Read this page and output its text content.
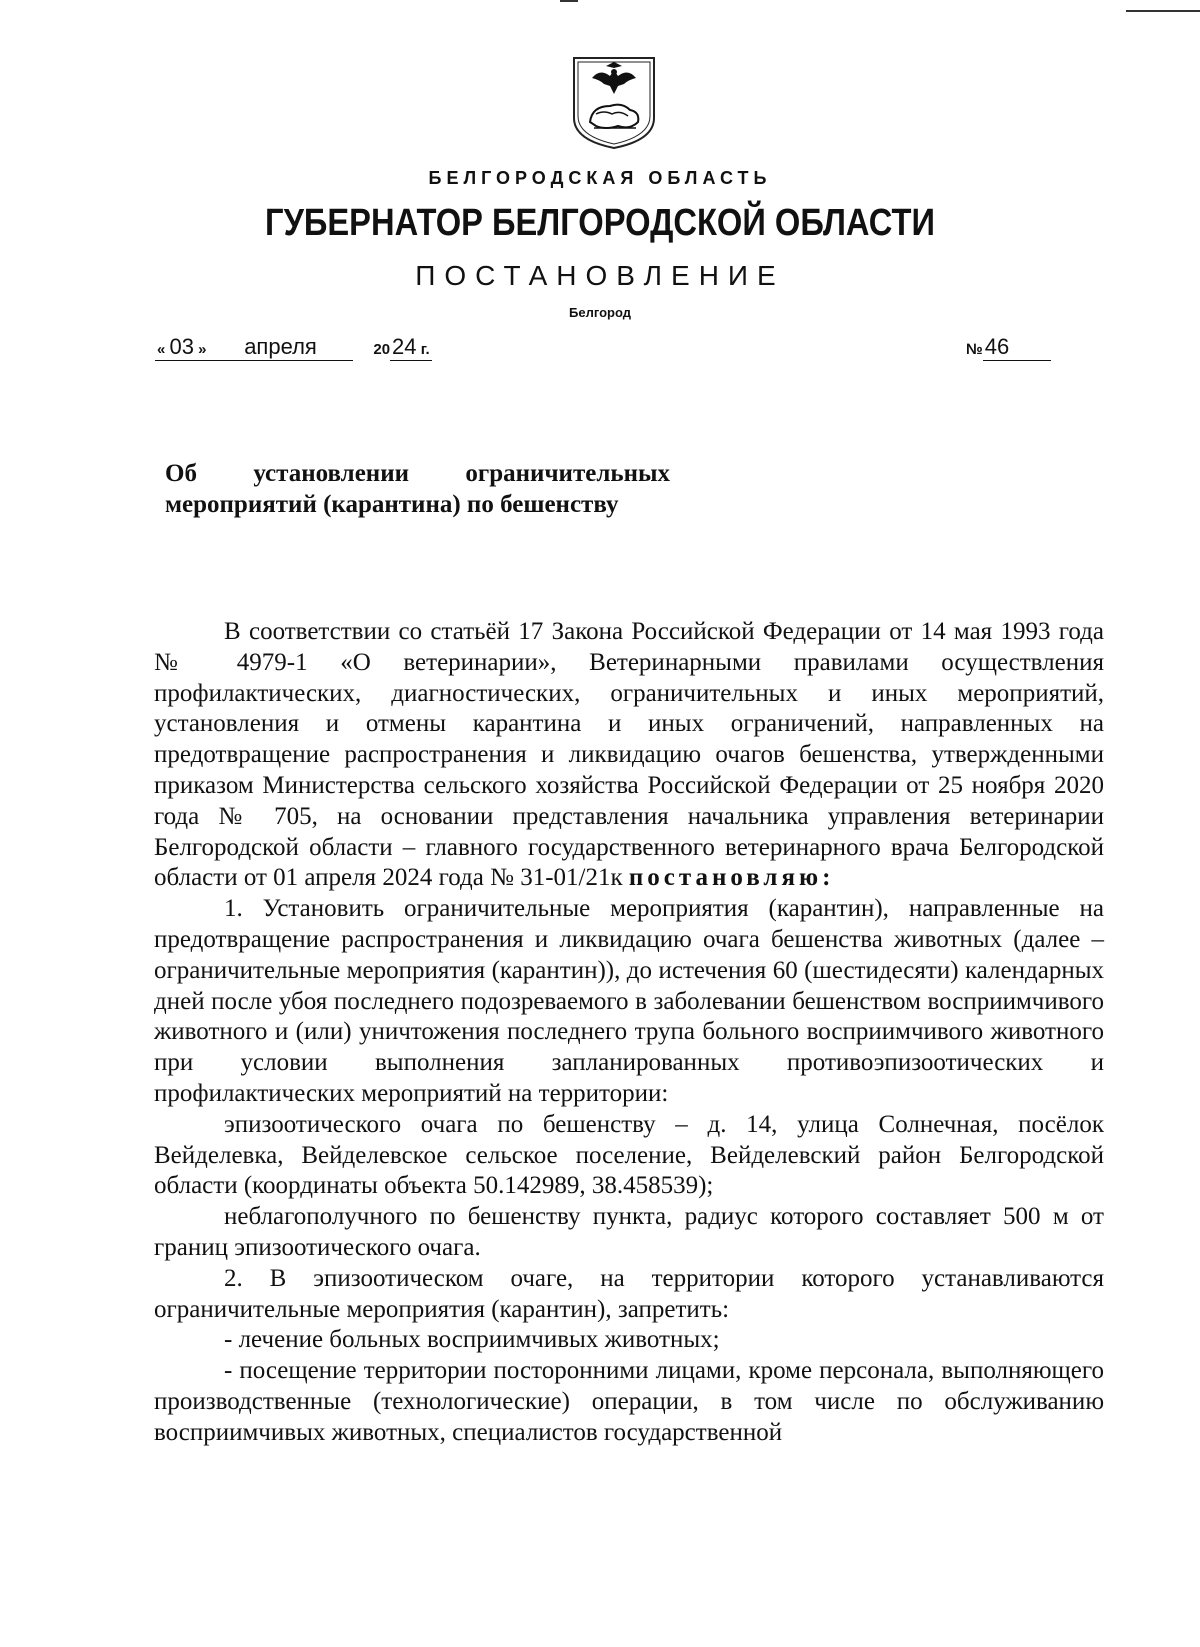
БЕЛГОРОДСКАЯ ОБЛАСТЬ
ГУБЕРНАТОР БЕЛГОРОДСКОЙ ОБЛАСТИ
ПОСТАНОВЛЕНИЕ
Белгород
« 03 » апреля	2024 г.	№46
Об установлении ограничительных
мероприятий (карантина) по бешенству

В соответствии со статьёй 17 Закона Российской Федерации от 14 мая 1993 года № 4979-1 «О ветеринарии», Ветеринарными правилами осуществления профилактических, диагностических, ограничительных и иных мероприятий, установления и отмены карантина и иных ограничений, направленных на предотвращение распространения и ликвидацию очагов бешенства, утвержденными приказом Министерства сельского хозяйства Российской Федерации от 25 ноября 2020 года № 705, на основании представления начальника управления ветеринарии Белгородской области – главного государственного ветеринарного врача Белгородской области от 01 апреля 2024 года № 31-01/21к постановляю:

1. Установить ограничительные мероприятия (карантин), направленные на предотвращение распространения и ликвидацию очага бешенства животных (далее – ограничительные мероприятия (карантин)), до истечения 60 (шестидесяти) календарных дней после убоя последнего подозреваемого в заболевании бешенством восприимчивого животного и (или) уничтожения последнего трупа больного восприимчивого животного при условии выполнения запланированных противоэпизоотических и профилактических мероприятий на территории:

эпизоотического очага по бешенству – д. 14, улица Солнечная, посёлок Вейделевка, Вейделевское сельское поселение, Вейделевский район Белгородской области (координаты объекта 50.142989, 38.458539);

неблагополучного по бешенству пункта, радиус которого составляет 500 м от границ эпизоотического очага.

2. В эпизоотическом очаге, на территории которого устанавливаются ограничительные мероприятия (карантин), запретить:

- лечение больных восприимчивых животных;

- посещение территории посторонними лицами, кроме персонала, выполняющего производственные (технологические) операции, в том числе по обслуживанию восприимчивых животных, специалистов государственной
